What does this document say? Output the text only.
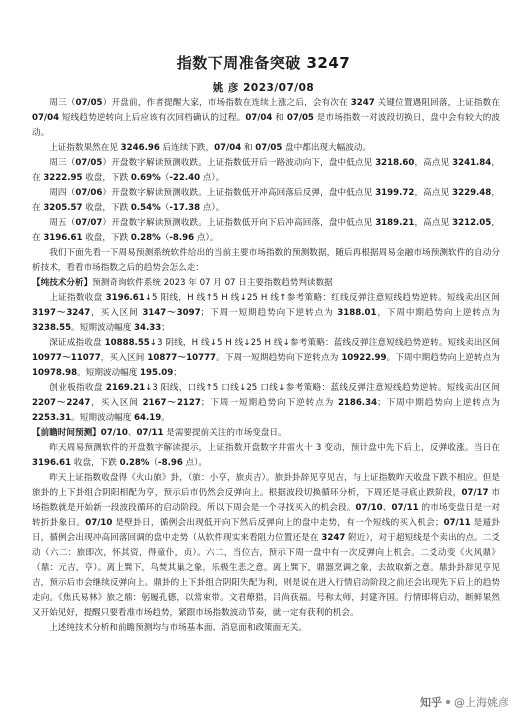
指数下周准备突破 3247
姚 彦 2023/07/08

周三（07/05）开盘前，作者提醒大家，市场指数在连续上涨之后，会有次在 3247 关键位置遇阻回落，上证指数在 07/04 短线趋势逆转向上后应该有次回档确认的过程。07/04 和 07/05 是市场指数一对波段切换日，盘中会有较大的波动。

上证指数果然在见 3246.96 后连续下跌，07/04 和 07/05 盘中都出现大幅波动。

周三（07/05）开盘数字解读预测收跌。上证指数低开后一路波动向下，盘中低点见 3218.60，高点见 3241.84，在 3222.95 收盘，下跌 0.69%（-22.40 点）。

周四（07/06）开盘数字解读预测收跌。上证指数低开冲高回落后反弹，盘中低点见 3199.72，高点见 3229.48，在 3205.57 收盘，下跌 0.54%（-17.38 点）。

周五（07/07）开盘数字解读预测收跌。上证指数低开向下后冲高回落，盘中低点见 3189.21，高点见 3212.05，在 3196.61 收盘，下跌 0.28%（-8.96 点）。

我们下面先看一下周易预测系统软件给出的当前主要市场指数的预测数据，随后再根据周易金融市场预测软件的自动分析技术，看看市场指数之后的趋势会怎么走：

【纯技术分析】预测奇询软件系统 2023 年 07 月 07 日主要指数趋势判读数据

上证指数收盘 3196.61↓5 阳线，H 线↑5 H 线↓25 H 线↑参考策略：红线反弹注意短线趋势逆转。短线卖出区间 3197～3247，买入区间 3147～3097；下周一短期趋势向下逆转点为 3188.01，下周中期趋势向上逆转点为 3238.55。短期波动幅度 34.33；

深证成指收盘 10888.55↓3 阴线，H 线↓5 H 线↓25 H 线↓参考策略：蓝线反弹注意短线趋势逆转。短线卖出区间 10977～11077，买入区间 10877～10777。下周一短期趋势向下逆转点为 10922.99。下周中期趋势向上逆转点为 10978.98。短期波动幅度 195.09；

创业板指收盘 2169.21↓3 阳线，口线↑5 口线↓25 口线↓参考策略：蓝线反弹注意短线趋势逆转。短线卖出区间 2207～2247，买入区间 2167～2127；下周一短期趋势向下逆转点为 2186.34；下周中期趋势向上逆转点为 2253.31。短期波动幅度 64.19。

【前瞻时间预测】07/10、07/11 是需要提前关注的市场变盘日。

昨天周易预测软件的开盘数字解读提示，上证指数开盘数字井雷火十 3 变动，预计盘中先下后上，反弹收涨。当日在 3196.61 收盘，下跌 0.28%（-8.96 点）。

昨天上证指数收盘得《火山旅》卦，（旅：小亨，旅贞吉）。旅卦卦辞见亨见吉，与上证指数昨天收盘下跌不相应。但是旅卦的上下卦组合阴阳相配为亨，预示后市仍然会反弹向上。根据波段切换循环分析，下周还是寻底止跌阶段，07/17 市场指数就是开始新一段波段循环的启动阶段。所以下周会是一个寻找买入的机会段。07/10、07/11 的市场变盘日是一对转折卦象日。07/10 是壁卦日，循例会出现低开向下然后反弹向上的盘中走势，有一个短线的买入机会；07/11 是遁卦日，循例会出现冲高回落回调的盘中走势（从软件现实来看阻力位置还是在 3247 附近），对于超短线是个卖出的点。二爻动（六二：旅即次，怀其资，得童仆，贞）。六二，当位吉，预示下周一盘中有一次反弹向上机会。二爻动变《火风鼎》（鼎：元吉，亨）。离上巽下，鸟焚其巢之象，乐极生悲之意。离上巽下，鼎器烹调之象，去故取新之意。鼎卦卦辞见亨见吉，预示后市会继续反弹向上。鼎卦的上下卦组合阴阳失配为利，则是说在进入行情启动阶段之前还会出现先下后上的趋势走向。《焦氏易林》旅之鼎：躬履孔德，以常束带。文君燎猎，吕尚获福。号称太师，封建齐国。行情即将启动，断鲜果然又开始见好，提醒只要看准市场趋势，紧跟市场指数波动节奏，就一定有获利的机会。

上述纯技术分析和前瞻预测均与市场基本面、消息面和政策面无关。

知乎 @上海姚彦
